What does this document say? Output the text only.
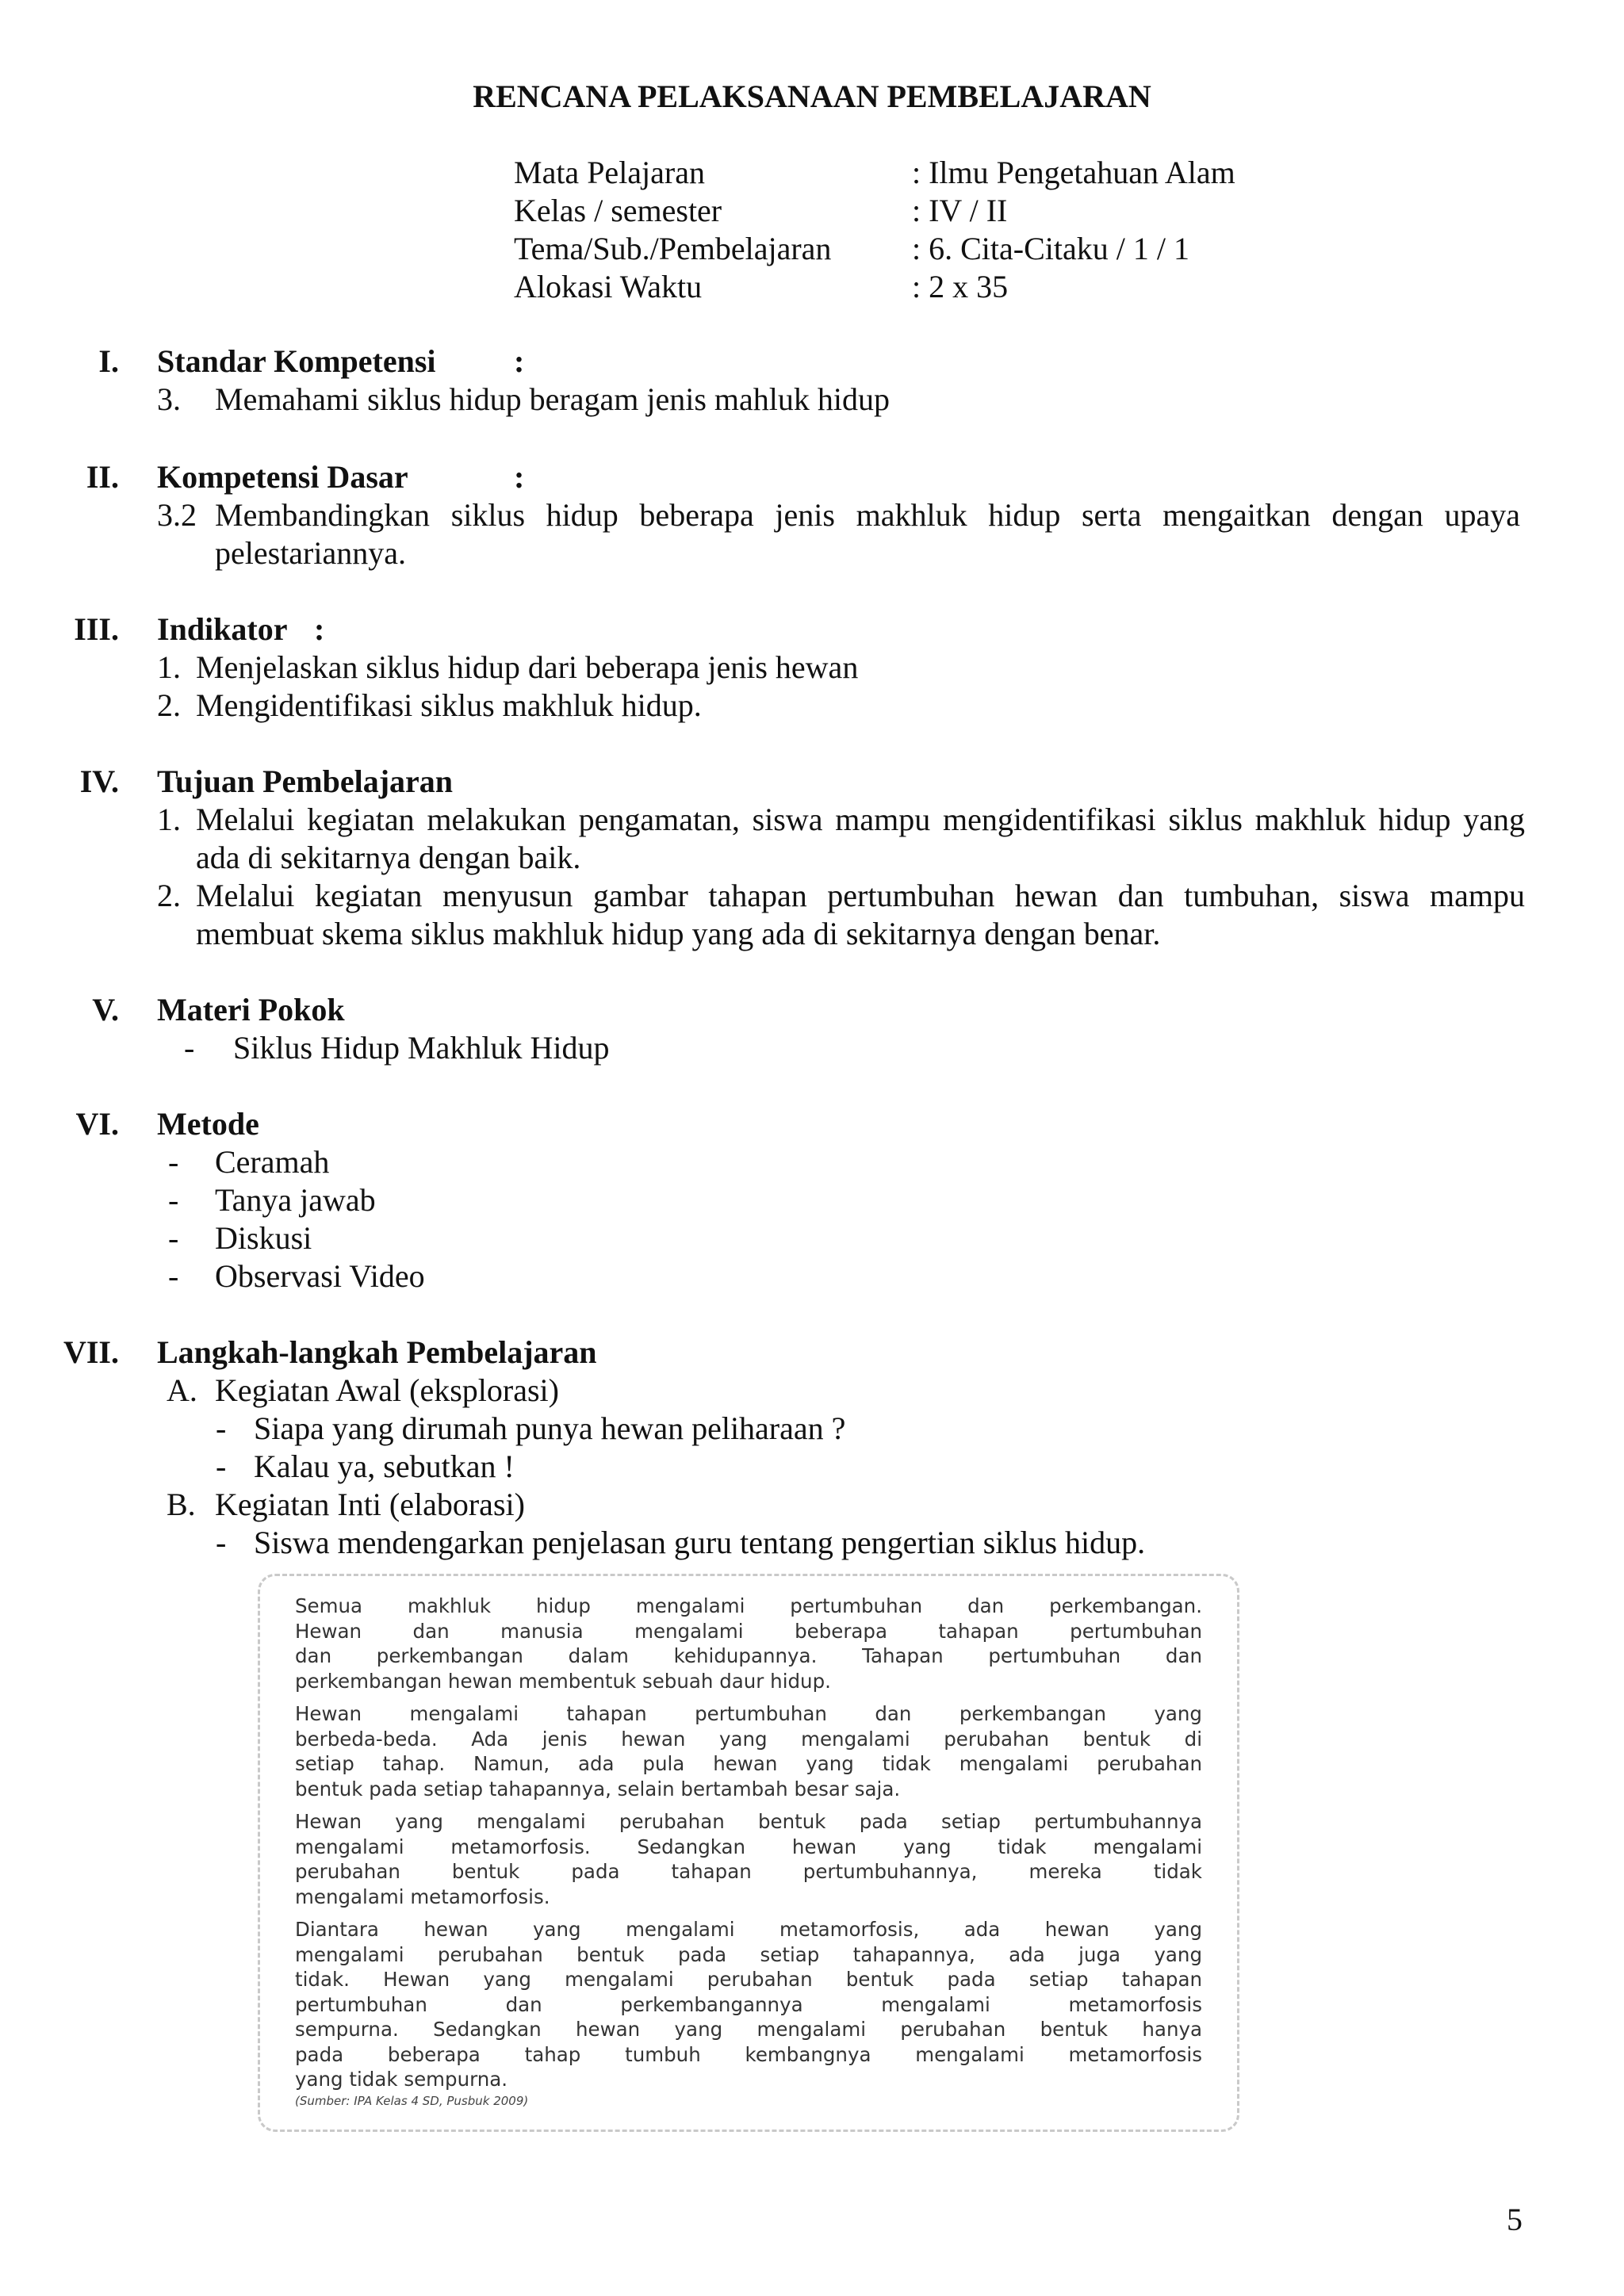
RENCANA PELAKSANAAN PEMBELAJARAN
Mata Pelajaran	: Ilmu Pengetahuan Alam
Kelas / semester	: IV / II
Tema/Sub./Pembelajaran	: 6. Cita-Citaku / 1 / 1
Alokasi Waktu	: 2 x 35
I. Standar Kompetensi :
3. Memahami siklus hidup beragam jenis mahluk hidup
II. Kompetensi Dasar	:
3.2 Membandingkan siklus hidup beberapa jenis makhluk hidup serta mengaitkan dengan upaya
pelestariannya.
III. Indikator :
1. Menjelaskan siklus hidup dari beberapa jenis hewan
2. Mengidentifikasi siklus makhluk hidup.
IV. Tujuan Pembelajaran
1. Melalui kegiatan melakukan pengamatan, siswa mampu mengidentifikasi siklus makhluk hidup yang
ada di sekitarnya dengan baik.
2. Melalui kegiatan menyusun gambar tahapan pertumbuhan hewan dan tumbuhan, siswa mampu
membuat skema siklus makhluk hidup yang ada di sekitarnya dengan benar.
V. Materi Pokok
- Siklus Hidup Makhluk Hidup
VI. Metode
- Ceramah
- Tanya jawab
- Diskusi
- Observasi Video
VII. Langkah-langkah Pembelajaran
A. Kegiatan Awal (eksplorasi)
- Siapa yang dirumah punya hewan peliharaan ?
- Kalau ya, sebutkan !
B. Kegiatan Inti (elaborasi)
- Siswa mendengarkan penjelasan guru tentang pengertian siklus hidup.
Semua makhluk hidup mengalami pertumbuhan dan perkembangan.
Hewan dan manusia mengalami beberapa tahapan pertumbuhan
dan perkembangan dalam kehidupannya. Tahapan pertumbuhan dan
perkembangan hewan membentuk sebuah daur hidup.
Hewan mengalami tahapan pertumbuhan dan perkembangan yang
berbeda-beda. Ada jenis hewan yang mengalami perubahan bentuk di
setiap tahap. Namun, ada pula hewan yang tidak mengalami perubahan
bentuk pada setiap tahapannya, selain bertambah besar saja.
Hewan yang mengalami perubahan bentuk pada setiap pertumbuhannya
mengalami metamorfosis. Sedangkan hewan yang tidak mengalami
perubahan bentuk pada tahapan pertumbuhannya, mereka tidak
mengalami metamorfosis.
Diantara hewan yang mengalami metamorfosis, ada hewan yang
mengalami perubahan bentuk pada setiap tahapannya, ada juga yang
tidak. Hewan yang mengalami perubahan bentuk pada setiap tahapan
pertumbuhan dan perkembangannya mengalami metamorfosis
sempurna. Sedangkan hewan yang mengalami perubahan bentuk hanya
pada beberapa tahap tumbuh kembangnya mengalami metamorfosis
yang tidak sempurna.
(Sumber: IPA Kelas 4 SD, Pusbuk 2009)
5
